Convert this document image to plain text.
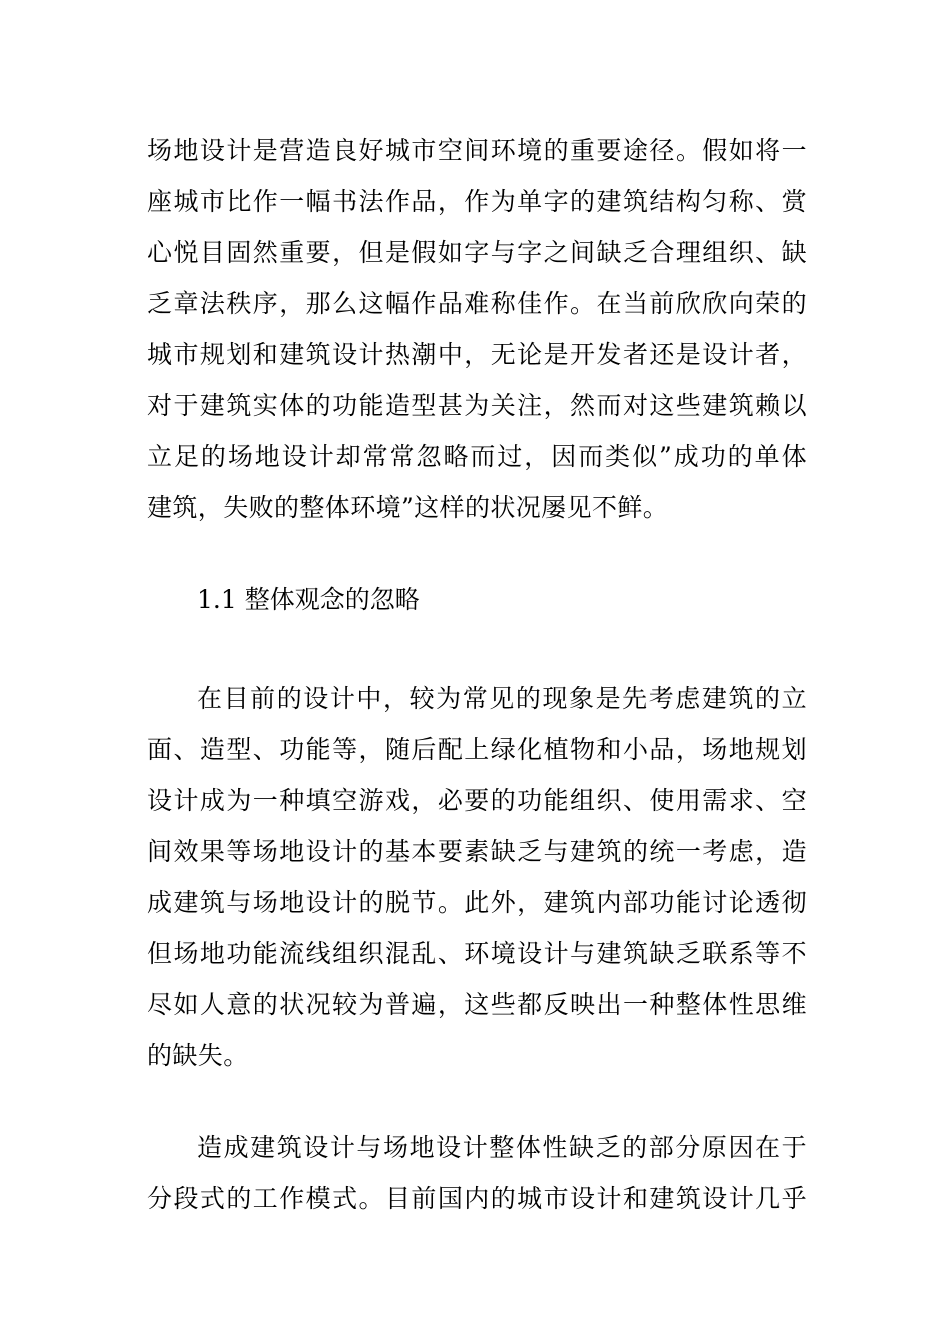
场地设计是营造良好城市空间环境的重要途径。假如将一
座城市比作一幅书法作品，作为单字的建筑结构匀称、赏
心悦目固然重要，但是假如字与字之间缺乏合理组织、缺
乏章法秩序，那么这幅作品难称佳作。在当前欣欣向荣的
城市规划和建筑设计热潮中，无论是开发者还是设计者，
对于建筑实体的功能造型甚为关注，然而对这些建筑赖以
立足的场地设计却常常忽略而过，因而类似”成功的单体
建筑，失败的整体环境”这样的状况屡见不鲜。
1.1 整体观念的忽略
在目前的设计中，较为常见的现象是先考虑建筑的立
面、造型、功能等，随后配上绿化植物和小品，场地规划
设计成为一种填空游戏，必要的功能组织、使用需求、空
间效果等场地设计的基本要素缺乏与建筑的统一考虑，造
成建筑与场地设计的脱节。此外，建筑内部功能讨论透彻
但场地功能流线组织混乱、环境设计与建筑缺乏联系等不
尽如人意的状况较为普遍，这些都反映出一种整体性思维
的缺失。
造成建筑设计与场地设计整体性缺乏的部分原因在于
分段式的工作模式。目前国内的城市设计和建筑设计几乎
